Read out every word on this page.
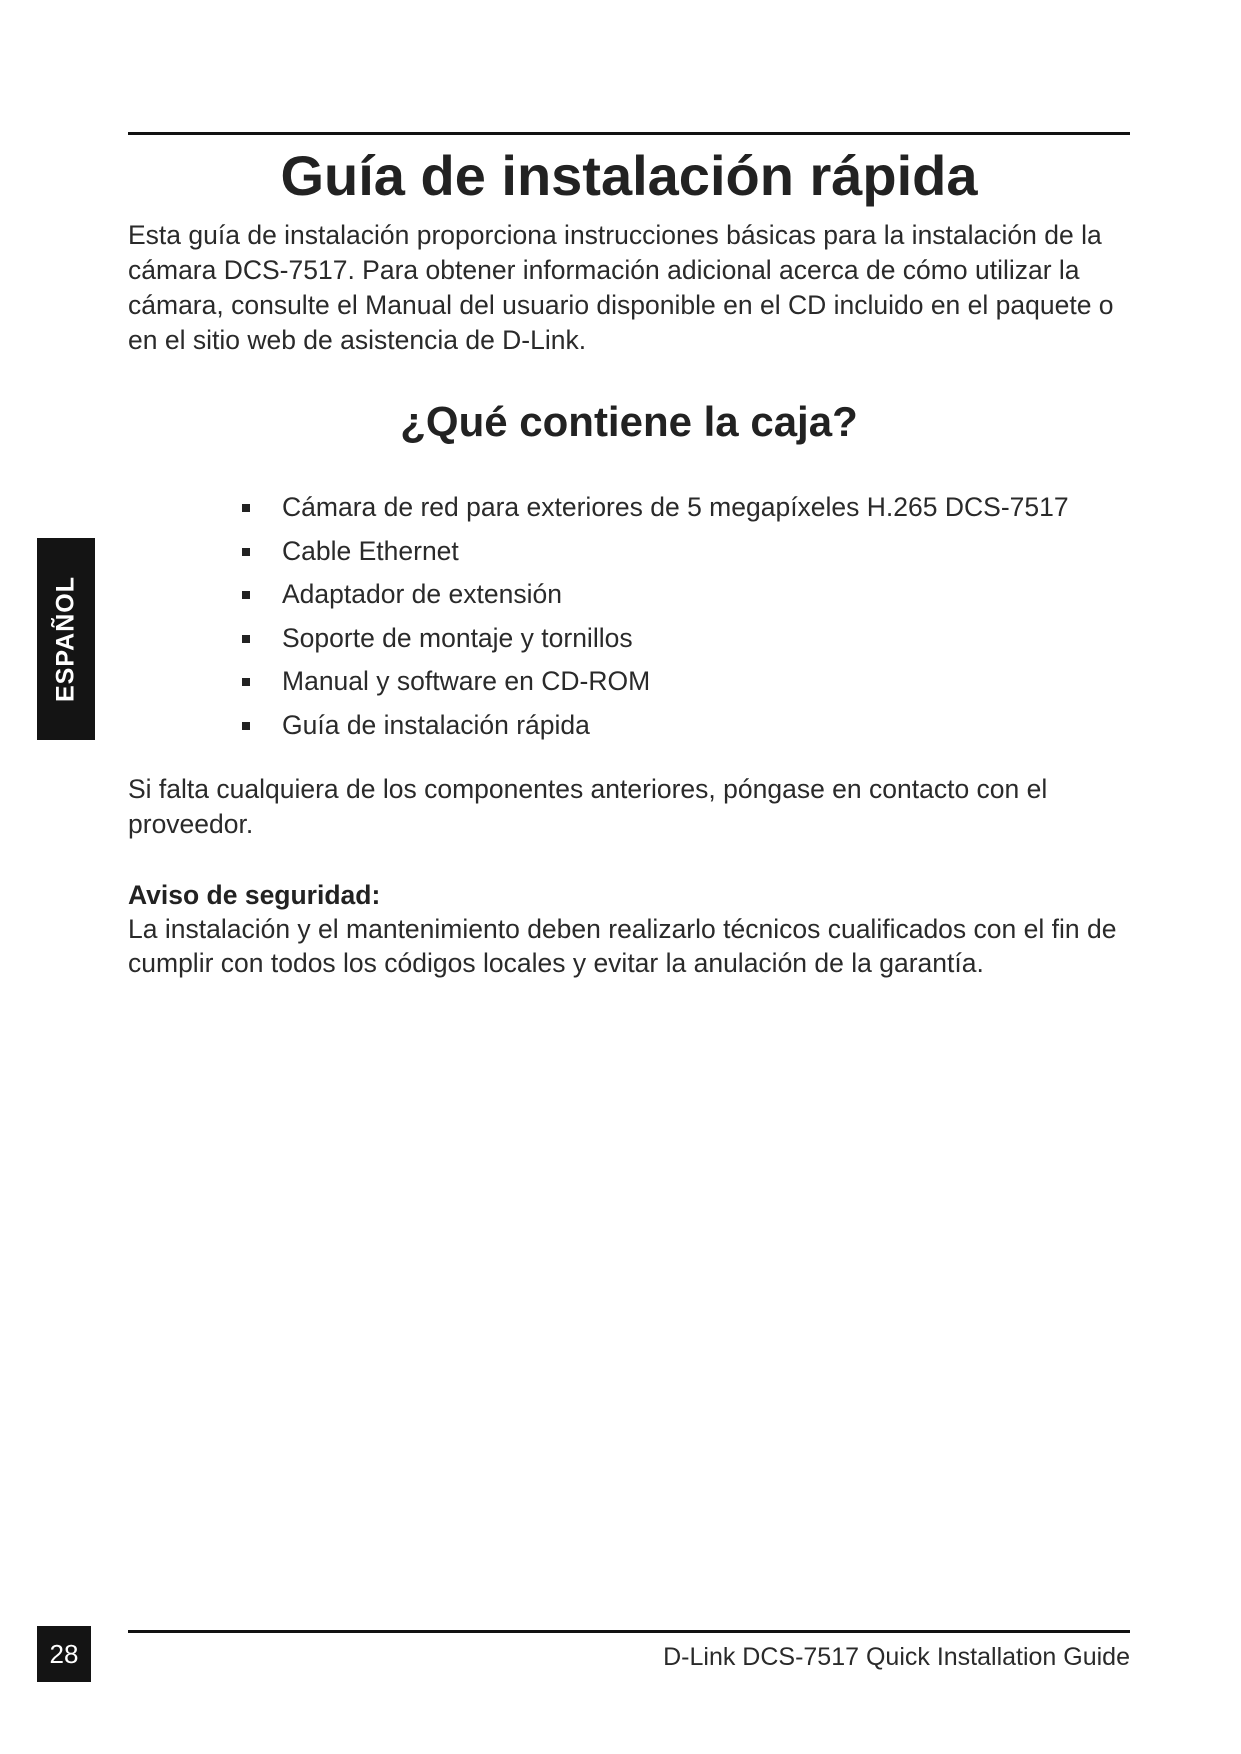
Guía de instalación rápida

Esta guía de instalación proporciona instrucciones básicas para la instalación de la cámara DCS-7517. Para obtener información adicional acerca de cómo utilizar la cámara, consulte el Manual del usuario disponible en el CD incluido en el paquete o en el sitio web de asistencia de D-Link.

¿Qué contiene la caja?
Cámara de red para exteriores de 5 megapíxeles H.265 DCS-7517
Cable Ethernet
Adaptador de extensión
Soporte de montaje y tornillos
Manual y software en CD-ROM
Guía de instalación rápida

Si falta cualquiera de los componentes anteriores, póngase en contacto con el proveedor.

Aviso de seguridad:

La instalación y el mantenimiento deben realizarlo técnicos cualificados con el fin de cumplir con todos los códigos locales y evitar la anulación de la garantía.

ESPAÑOL
28	D-Link DCS-7517 Quick Installation Guide
